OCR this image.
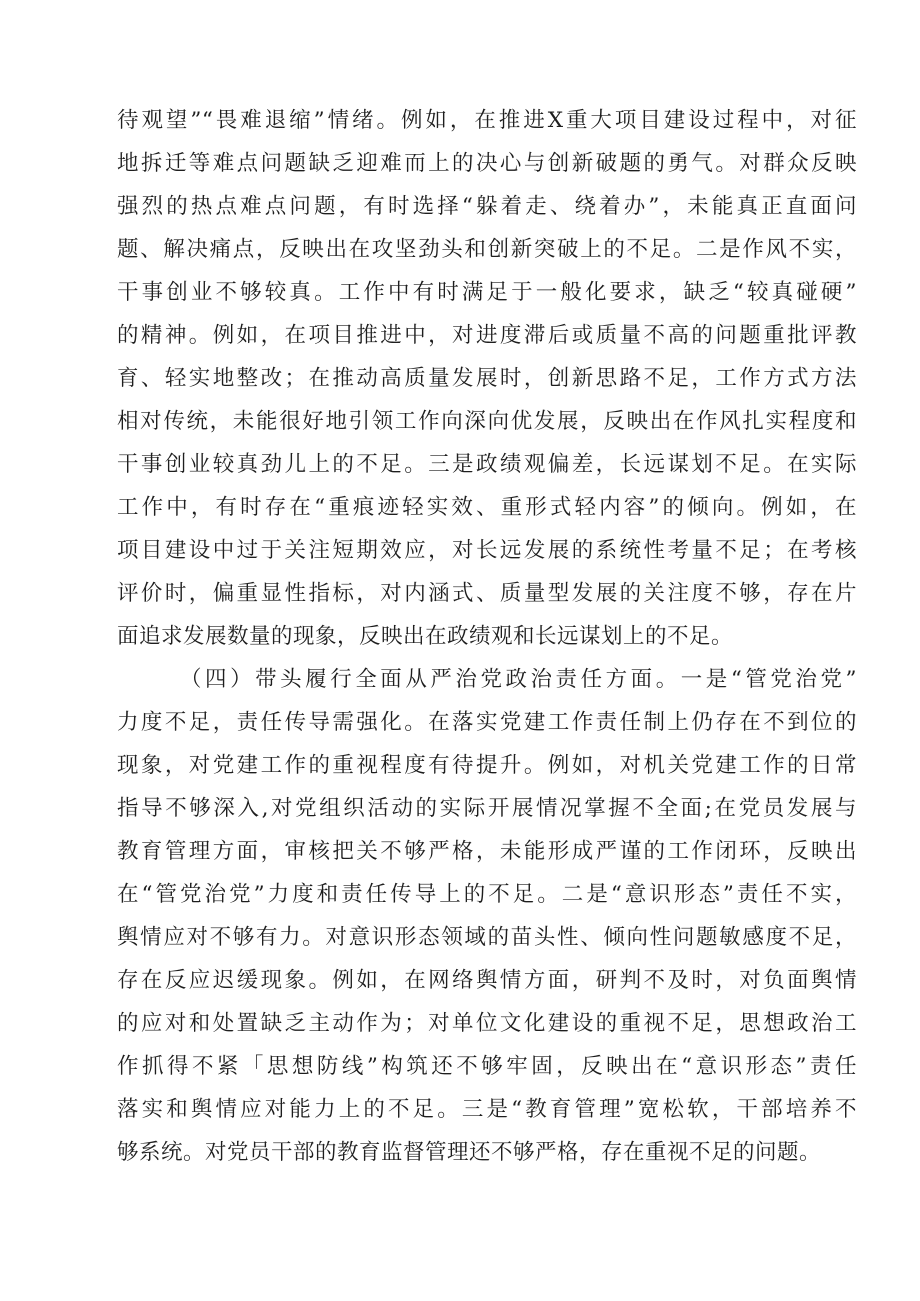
待观望”“畏难退缩”情绪。例如，在推进X重大项目建设过程中，对征
地拆迁等难点问题缺乏迎难而上的决心与创新破题的勇气。对群众反映
强烈的热点难点问题，有时选择“躲着走、绕着办”，未能真正直面问
题、解决痛点，反映出在攻坚劲头和创新突破上的不足。二是作风不实，
干事创业不够较真。工作中有时满足于一般化要求，缺乏“较真碰硬”
的精神。例如，在项目推进中，对进度滞后或质量不高的问题重批评教
育、轻实地整改；在推动高质量发展时，创新思路不足，工作方式方法
相对传统，未能很好地引领工作向深向优发展，反映出在作风扎实程度和
干事创业较真劲儿上的不足。三是政绩观偏差，长远谋划不足。在实际
工作中，有时存在“重痕迹轻实效、重形式轻内容”的倾向。例如，在
项目建设中过于关注短期效应，对长远发展的系统性考量不足；在考核
评价时，偏重显性指标，对内涵式、质量型发展的关注度不够，存在片
面追求发展数量的现象，反映出在政绩观和长远谋划上的不足。
（四）带头履行全面从严治党政治责任方面。一是“管党治党”
力度不足，责任传导需强化。在落实党建工作责任制上仍存在不到位的
现象，对党建工作的重视程度有待提升。例如，对机关党建工作的日常
指导不够深入,对党组织活动的实际开展情况掌握不全面;在党员发展与
教育管理方面，审核把关不够严格，未能形成严谨的工作闭环，反映出
在“管党治党”力度和责任传导上的不足。二是“意识形态”责任不实，
舆情应对不够有力。对意识形态领域的苗头性、倾向性问题敏感度不足，
存在反应迟缓现象。例如，在网络舆情方面，研判不及时，对负面舆情
的应对和处置缺乏主动作为；对单位文化建设的重视不足，思想政治工
作抓得不紧「思想防线”构筑还不够牢固，反映出在“意识形态”责任
落实和舆情应对能力上的不足。三是“教育管理”宽松软，干部培养不
够系统。对党员干部的教育监督管理还不够严格，存在重视不足的问题。
